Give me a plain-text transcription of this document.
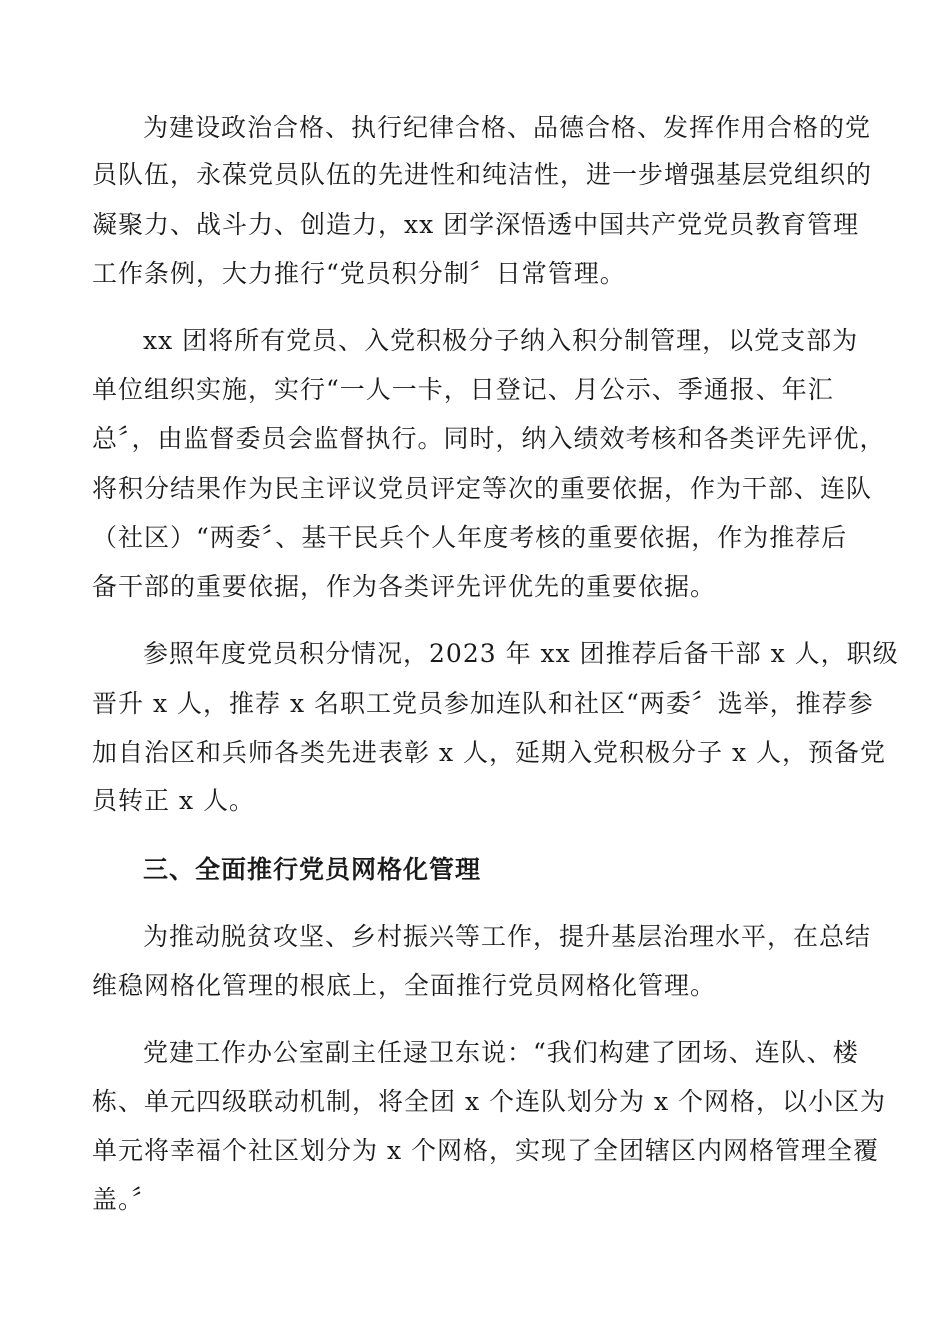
为建设政治合格、执行纪律合格、品德合格、发挥作用合格的党
员队伍，永葆党员队伍的先进性和纯洁性，进一步增强基层党组织的
凝聚力、战斗力、创造力，xx 团学深悟透中国共产党党员教育管理
工作条例，大力推行“党员积分制〞日常管理。
xx 团将所有党员、入党积极分子纳入积分制管理，以党支部为
单位组织实施，实行“一人一卡，日登记、月公示、季通报、年汇
总〞，由监督委员会监督执行。同时，纳入绩效考核和各类评先评优，
将积分结果作为民主评议党员评定等次的重要依据，作为干部、连队
（社区）“两委〞、基干民兵个人年度考核的重要依据，作为推荐后
备干部的重要依据，作为各类评先评优先的重要依据。
参照年度党员积分情况，2023 年 xx 团推荐后备干部 x 人，职级
晋升 x 人，推荐 x 名职工党员参加连队和社区“两委〞选举，推荐参
加自治区和兵师各类先进表彰 x 人，延期入党积极分子 x 人，预备党
员转正 x 人。
三、全面推行党员网格化管理
为推动脱贫攻坚、乡村振兴等工作，提升基层治理水平，在总结
维稳网格化管理的根底上，全面推行党员网格化管理。
党建工作办公室副主任逯卫东说：“我们构建了团场、连队、楼
栋、单元四级联动机制，将全团 x 个连队划分为 x 个网格，以小区为
单元将幸福个社区划分为 x 个网格，实现了全团辖区内网格管理全覆
盖。〞
